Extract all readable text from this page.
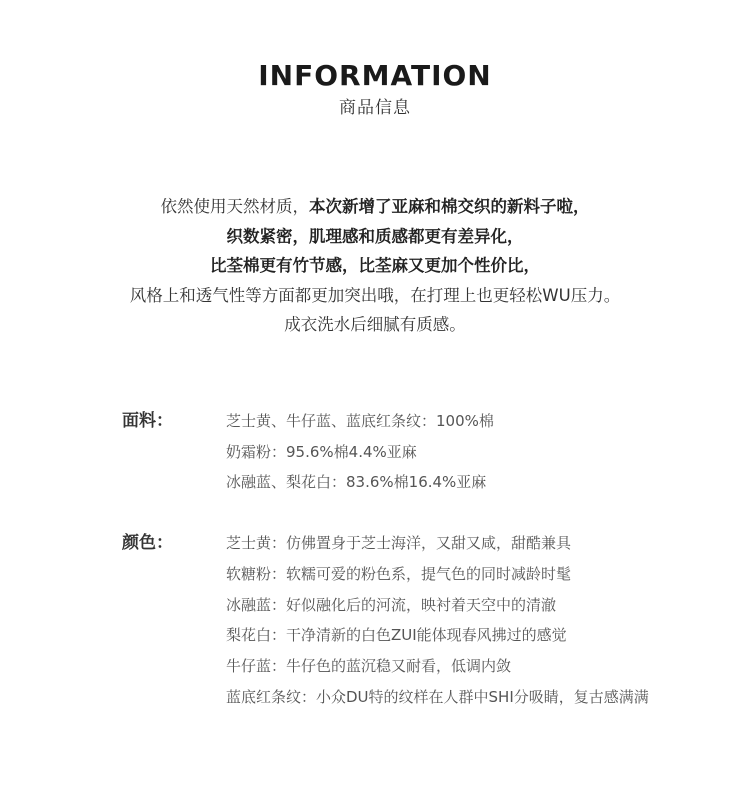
INFORMATION
商品信息
依然使用天然材质，本次新增了亚麻和棉交织的新料子啦，
织数紧密，肌理感和质感都更有差异化，
比荃棉更有竹节感，比荃麻又更加个性价比，
风格上和透气性等方面都更加突出哦，在打理上也更轻松WU压力。
成衣洗水后细腻有质感。
面料：	芝士黄、牛仔蓝、蓝底红条纹：100%棉
奶霜粉：95.6%棉4.4%亚麻
冰融蓝、梨花白：83.6%棉16.4%亚麻
颜色：	芝士黄：仿佛置身于芝士海洋，又甜又咸，甜酷兼具
软糖粉：软糯可爱的粉色系，提气色的同时减龄时髦
冰融蓝：好似融化后的河流，映衬着天空中的清澈
梨花白：干净清新的白色ZUI能体现春风拂过的感觉
牛仔蓝：牛仔色的蓝沉稳又耐看，低调内敛
蓝底红条纹：小众DU特的纹样在人群中SHI分吸睛，复古感满满
